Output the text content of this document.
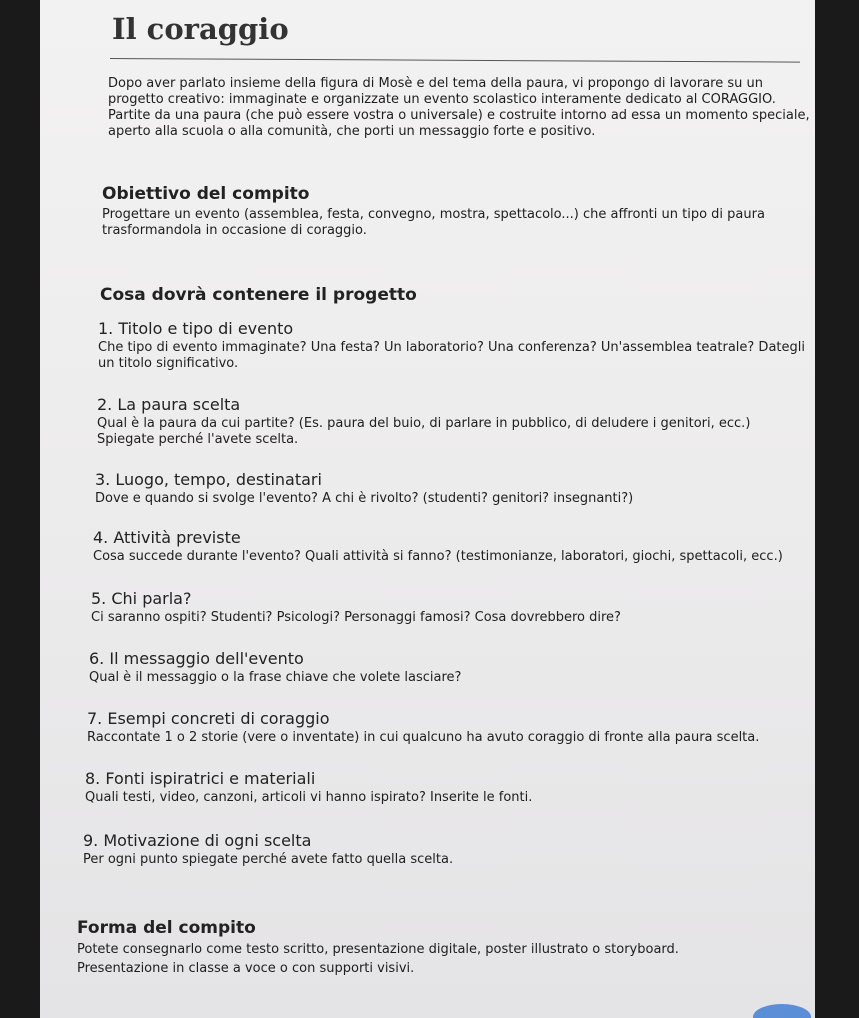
Il coraggio
Dopo aver parlato insieme della figura di Mosè e del tema della paura, vi propongo di lavorare su un progetto creativo: immaginate e organizzate un evento scolastico interamente dedicato al CORAGGIO. Partite da una paura (che può essere vostra o universale) e costruite intorno ad essa un momento speciale, aperto alla scuola o alla comunità, che porti un messaggio forte e positivo.
Obiettivo del compito

Progettare un evento (assemblea, festa, convegno, mostra, spettacolo...) che affronti un tipo di paura trasformandola in occasione di coraggio.

Cosa dovrà contenere il progetto
1. Titolo e tipo di evento
Che tipo di evento immaginate? Una festa? Un laboratorio? Una conferenza? Un'assemblea teatrale? Dategli un titolo significativo.
2. La paura scelta
Qual è la paura da cui partite? (Es. paura del buio, di parlare in pubblico, di deludere i genitori, ecc.) Spiegate perché l'avete scelta.
3. Luogo, tempo, destinatari
Dove e quando si svolge l'evento? A chi è rivolto? (studenti? genitori? insegnanti?)
4. Attività previste
Cosa succede durante l'evento? Quali attività si fanno? (testimonianze, laboratori, giochi, spettacoli, ecc.)
5. Chi parla?
Ci saranno ospiti? Studenti? Psicologi? Personaggi famosi? Cosa dovrebbero dire?
6. Il messaggio dell'evento
Qual è il messaggio o la frase chiave che volete lasciare?
7. Esempi concreti di coraggio
Raccontate 1 o 2 storie (vere o inventate) in cui qualcuno ha avuto coraggio di fronte alla paura scelta.
8. Fonti ispiratrici e materiali
Quali testi, video, canzoni, articoli vi hanno ispirato? Inserite le fonti.
9. Motivazione di ogni scelta
Per ogni punto spiegate perché avete fatto quella scelta.
Forma del compito

Potete consegnarlo come testo scritto, presentazione digitale, poster illustrato o storyboard.

Presentazione in classe a voce o con supporti visivi.
